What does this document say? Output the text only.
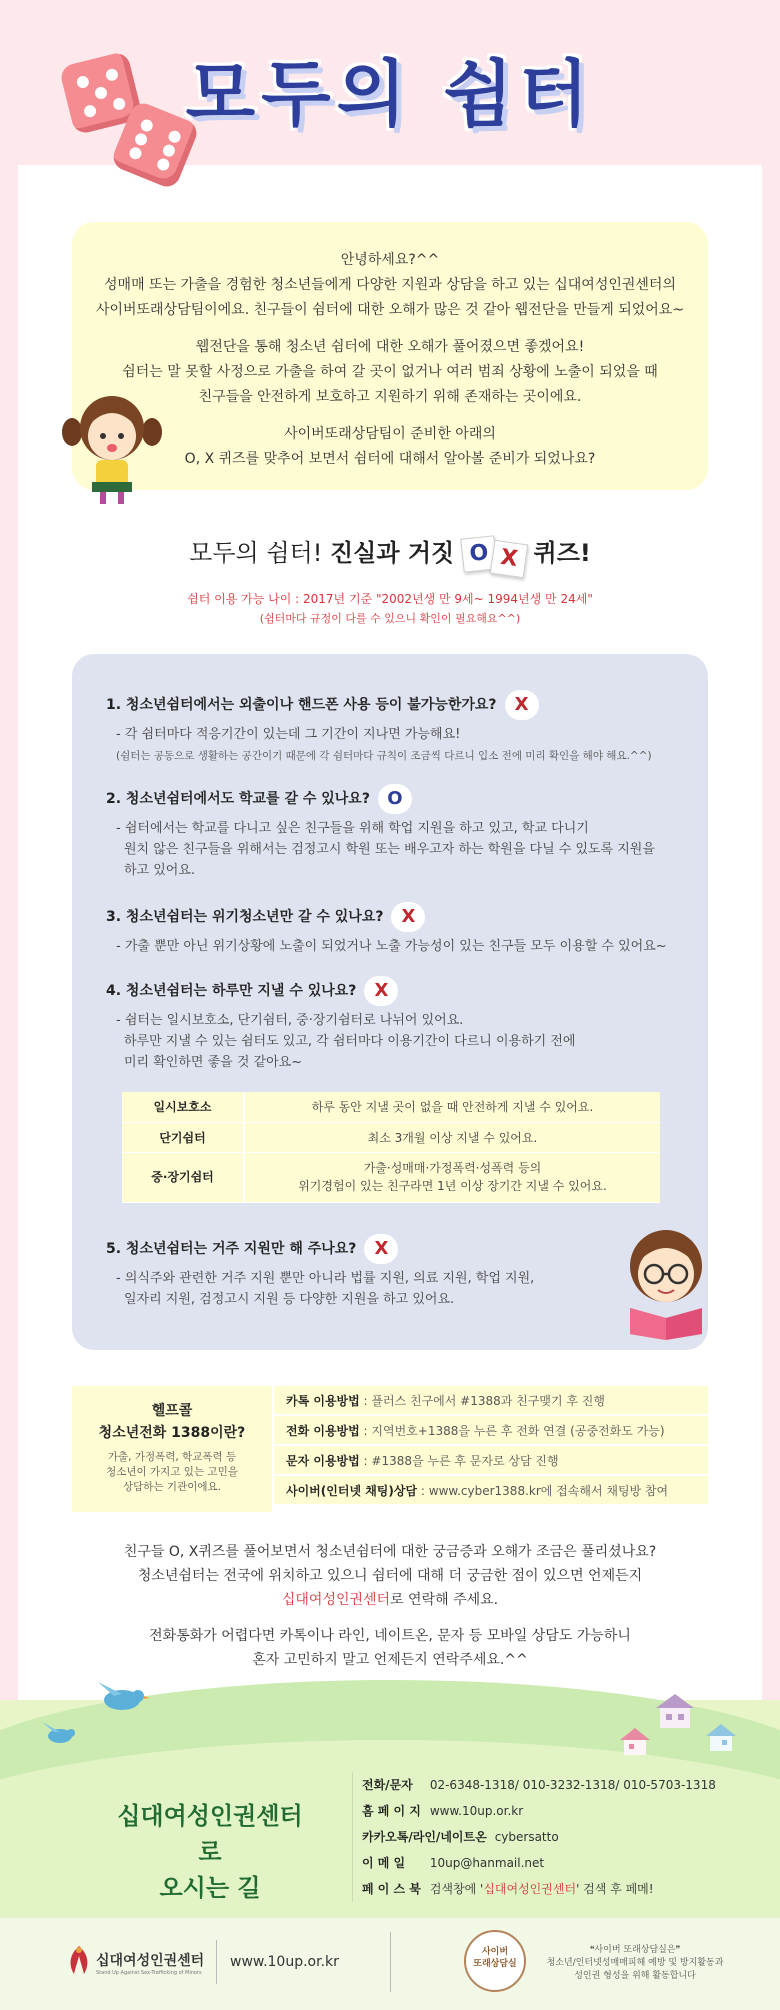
모두의 쉼터

안녕하세요?^^

성매매 또는 가출을 경험한 청소년들에게 다양한 지원과 상담을 하고 있는 십대여성인권센터의

사이버또래상담팀이에요. 친구들이 쉼터에 대한 오해가 많은 것 같아 웹전단을 만들게 되었어요~

웹전단을 통해 청소년 쉼터에 대한 오해가 풀어졌으면 좋겠어요!

쉼터는 말 못할 사정으로 가출을 하여 갈 곳이 없거나 여러 범죄 상황에 노출이 되었을 때

친구들을 안전하게 보호하고 지원하기 위해 존재하는 곳이에요.

사이버또래상담팀이 준비한 아래의

O, X 퀴즈를 맞추어 보면서 쉼터에 대해서 알아볼 준비가 되었나요?

모두의 쉼터! 진실과 거짓 O X 퀴즈!
쉼터 이용 가능 나이 : 2017년 기준 "2002년생 만 9세~ 1994년생 만 24세"
(쉼터마다 규정이 다를 수 있으니 확인이 필요해요^^)
1. 청소년쉼터에서는 외출이나 핸드폰 사용 등이 불가능한가요? X
- 각 쉼터마다 적응기간이 있는데 그 기간이 지나면 가능해요!
(쉼터는 공동으로 생활하는 공간이기 때문에 각 쉼터마다 규칙이 조금씩 다르니 입소 전에 미리 확인을 해야 해요.^^)
2. 청소년쉼터에서도 학교를 갈 수 있나요? O
- 쉼터에서는 학교를 다니고 싶은 친구들을 위해 학업 지원을 하고 있고, 학교 다니기
원치 않은 친구들을 위해서는 검정고시 학원 또는 배우고자 하는 학원을 다닐 수 있도록 지원을
하고 있어요.
3. 청소년쉼터는 위기청소년만 갈 수 있나요? X
- 가출 뿐만 아닌 위기상황에 노출이 되었거나 노출 가능성이 있는 친구들 모두 이용할 수 있어요~
4. 청소년쉼터는 하루만 지낼 수 있나요? X
- 쉼터는 일시보호소, 단기쉼터, 중·장기쉼터로 나뉘어 있어요.
하루만 지낼 수 있는 쉼터도 있고, 각 쉼터마다 이용기간이 다르니 이용하기 전에
미리 확인하면 좋을 것 같아요~
일시보호소	하루 동안 지낼 곳이 없을 때 안전하게 지낼 수 있어요.
단기쉼터	최소 3개월 이상 지낼 수 있어요.
중·장기쉼터	가출·성매매·가정폭력·성폭력 등의
위기경험이 있는 친구라면 1년 이상 장기간 지낼 수 있어요.
5. 청소년쉼터는 거주 지원만 해 주나요? X
- 의식주와 관련한 거주 지원 뿐만 아니라 법률 지원, 의료 지원, 학업 지원,
일자리 지원, 검정고시 지원 등 다양한 지원을 하고 있어요.
헬프콜
청소년전화 1388이란?
가출, 가정폭력, 학교폭력 등
청소년이 가지고 있는 고민을
상담하는 기관이에요.
카톡 이용방법 : 플러스 친구에서 #1388과 친구맺기 후 진행
전화 이용방법 : 지역번호+1388을 누른 후 전화 연결 (공중전화도 가능)
문자 이용방법 : #1388을 누른 후 문자로 상담 진행
사이버(인터넷 채팅)상담 : www.cyber1388.kr에 접속해서 채팅방 참여
친구들 O, X퀴즈를 풀어보면서 청소년쉼터에 대한 궁금증과 오해가 조금은 풀리셨나요?
청소년쉼터는 전국에 위치하고 있으니 쉼터에 대해 더 궁금한 점이 있으면 언제든지
십대여성인권센터로 연락해 주세요.
전화통화가 어렵다면 카톡이나 라인, 네이트온, 문자 등 모바일 상담도 가능하니
혼자 고민하지 말고 언제든지 연락주세요.^^
십대여성인권센터로
오시는 길
전화/문자 02-6348-1318/ 010-3232-1318/ 010-5703-1318
홈 페 이 지 www.10up.or.kr
카카오톡/라인/네이트온 cybersatto
이 메 일 10up@hanmail.net
페 이 스 북 검색창에 '십대여성인권센터' 검색 후 페메!
십대여성인권센터
Stand Up Against Sex-Trafficking of Minors
www.10up.or.kr
사이버
또래상담실
❝사이버 또래상담실은❞
청소년/인터넷성매매피해 예방 및 방지활동과
성인권 형성을 위해 활동합니다
